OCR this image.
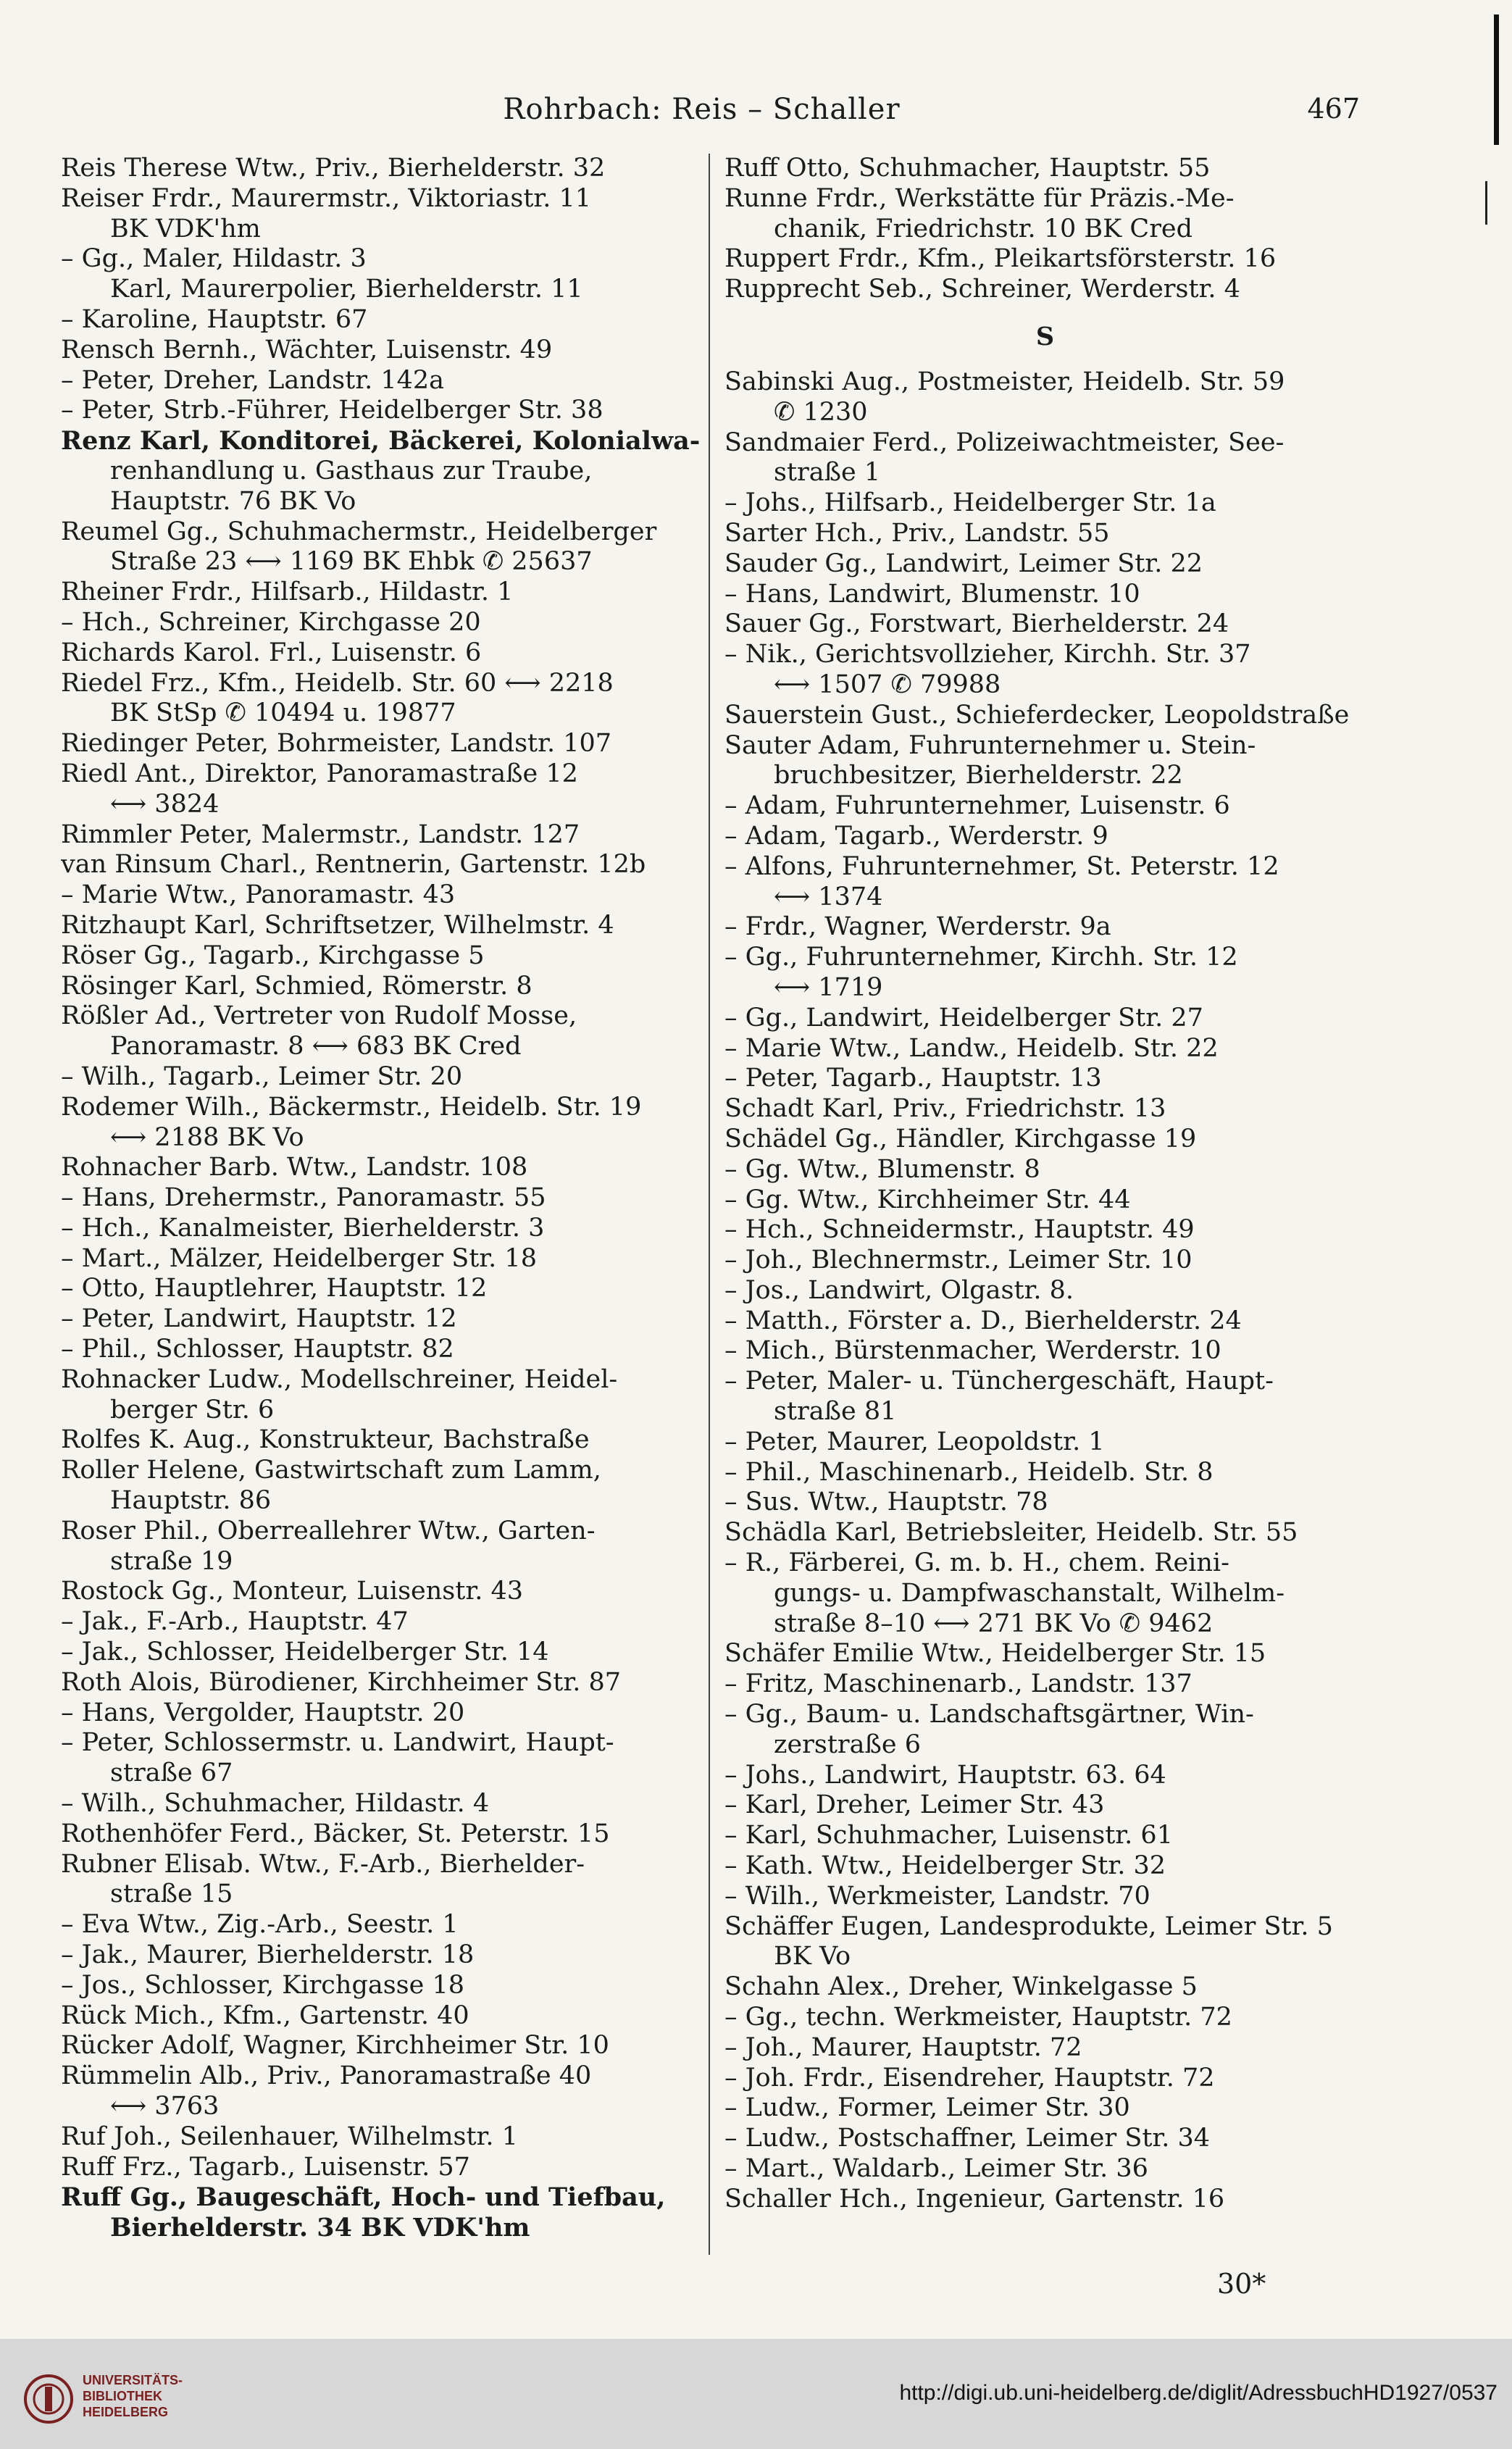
Rohrbach: Reis – Schaller	467

Reis Therese Wtw., Priv., Bierhelderstr. 32

Reiser Frdr., Maurermstr., Viktoriastr. 11

BK VDK'hm

– Gg., Maler, Hildastr. 3

Karl, Maurerpolier, Bierhelderstr. 11

– Karoline, Hauptstr. 67

Rensch Bernh., Wächter, Luisenstr. 49

– Peter, Dreher, Landstr. 142a

– Peter, Strb.-Führer, Heidelberger Str. 38

Renz Karl, Konditorei, Bäckerei, Kolonialwa-

renhandlung u. Gasthaus zur Traube,

Hauptstr. 76 BK Vo

Reumel Gg., Schuhmachermstr., Heidelberger

Straße 23 ⟷ 1169 BK Ehbk ✆ 25637

Rheiner Frdr., Hilfsarb., Hildastr. 1

– Hch., Schreiner, Kirchgasse 20

Richards Karol. Frl., Luisenstr. 6

Riedel Frz., Kfm., Heidelb. Str. 60 ⟷ 2218

BK StSp ✆ 10494 u. 19877

Riedinger Peter, Bohrmeister, Landstr. 107

Riedl Ant., Direktor, Panoramastraße 12

⟷ 3824

Rimmler Peter, Malermstr., Landstr. 127

van Rinsum Charl., Rentnerin, Gartenstr. 12b

– Marie Wtw., Panoramastr. 43

Ritzhaupt Karl, Schriftsetzer, Wilhelmstr. 4

Röser Gg., Tagarb., Kirchgasse 5

Rösinger Karl, Schmied, Römerstr. 8

Rößler Ad., Vertreter von Rudolf Mosse,

Panoramastr. 8 ⟷ 683 BK Cred

– Wilh., Tagarb., Leimer Str. 20

Rodemer Wilh., Bäckermstr., Heidelb. Str. 19

⟷ 2188 BK Vo

Rohnacher Barb. Wtw., Landstr. 108

– Hans, Drehermstr., Panoramastr. 55

– Hch., Kanalmeister, Bierhelderstr. 3

– Mart., Mälzer, Heidelberger Str. 18

– Otto, Hauptlehrer, Hauptstr. 12

– Peter, Landwirt, Hauptstr. 12

– Phil., Schlosser, Hauptstr. 82

Rohnacker Ludw., Modellschreiner, Heidel-

berger Str. 6

Rolfes K. Aug., Konstrukteur, Bachstraße

Roller Helene, Gastwirtschaft zum Lamm,

Hauptstr. 86

Roser Phil., Oberreallehrer Wtw., Garten-

straße 19

Rostock Gg., Monteur, Luisenstr. 43

– Jak., F.-Arb., Hauptstr. 47

– Jak., Schlosser, Heidelberger Str. 14

Roth Alois, Bürodiener, Kirchheimer Str. 87

– Hans, Vergolder, Hauptstr. 20

– Peter, Schlossermstr. u. Landwirt, Haupt-

straße 67

– Wilh., Schuhmacher, Hildastr. 4

Rothenhöfer Ferd., Bäcker, St. Peterstr. 15

Rubner Elisab. Wtw., F.-Arb., Bierhelder-

straße 15

– Eva Wtw., Zig.-Arb., Seestr. 1

– Jak., Maurer, Bierhelderstr. 18

– Jos., Schlosser, Kirchgasse 18

Rück Mich., Kfm., Gartenstr. 40

Rücker Adolf, Wagner, Kirchheimer Str. 10

Rümmelin Alb., Priv., Panoramastraße 40

⟷ 3763

Ruf Joh., Seilenhauer, Wilhelmstr. 1

Ruff Frz., Tagarb., Luisenstr. 57

Ruff Gg., Baugeschäft, Hoch- und Tiefbau,

Bierhelderstr. 34 BK VDK'hm

Ruff Otto, Schuhmacher, Hauptstr. 55

Runne Frdr., Werkstätte für Präzis.-Me-

chanik, Friedrichstr. 10 BK Cred

Ruppert Frdr., Kfm., Pleikartsförsterstr. 16

Rupprecht Seb., Schreiner, Werderstr. 4

S

Sabinski Aug., Postmeister, Heidelb. Str. 59

✆ 1230

Sandmaier Ferd., Polizeiwachtmeister, See-

straße 1

– Johs., Hilfsarb., Heidelberger Str. 1a

Sarter Hch., Priv., Landstr. 55

Sauder Gg., Landwirt, Leimer Str. 22

– Hans, Landwirt, Blumenstr. 10

Sauer Gg., Forstwart, Bierhelderstr. 24

– Nik., Gerichtsvollzieher, Kirchh. Str. 37

⟷ 1507 ✆ 79988

Sauerstein Gust., Schieferdecker, Leopoldstraße

Sauter Adam, Fuhrunternehmer u. Stein-

bruchbesitzer, Bierhelderstr. 22

– Adam, Fuhrunternehmer, Luisenstr. 6

– Adam, Tagarb., Werderstr. 9

– Alfons, Fuhrunternehmer, St. Peterstr. 12

⟷ 1374

– Frdr., Wagner, Werderstr. 9a

– Gg., Fuhrunternehmer, Kirchh. Str. 12

⟷ 1719

– Gg., Landwirt, Heidelberger Str. 27

– Marie Wtw., Landw., Heidelb. Str. 22

– Peter, Tagarb., Hauptstr. 13

Schadt Karl, Priv., Friedrichstr. 13

Schädel Gg., Händler, Kirchgasse 19

– Gg. Wtw., Blumenstr. 8

– Gg. Wtw., Kirchheimer Str. 44

– Hch., Schneidermstr., Hauptstr. 49

– Joh., Blechnermstr., Leimer Str. 10

– Jos., Landwirt, Olgastr. 8.

– Matth., Förster a. D., Bierhelderstr. 24

– Mich., Bürstenmacher, Werderstr. 10

– Peter, Maler- u. Tünchergeschäft, Haupt-

straße 81

– Peter, Maurer, Leopoldstr. 1

– Phil., Maschinenarb., Heidelb. Str. 8

– Sus. Wtw., Hauptstr. 78

Schädla Karl, Betriebsleiter, Heidelb. Str. 55

– R., Färberei, G. m. b. H., chem. Reini-

gungs- u. Dampfwaschanstalt, Wilhelm-

straße 8–10 ⟷ 271 BK Vo ✆ 9462

Schäfer Emilie Wtw., Heidelberger Str. 15

– Fritz, Maschinenarb., Landstr. 137

– Gg., Baum- u. Landschaftsgärtner, Win-

zerstraße 6

– Johs., Landwirt, Hauptstr. 63. 64

– Karl, Dreher, Leimer Str. 43

– Karl, Schuhmacher, Luisenstr. 61

– Kath. Wtw., Heidelberger Str. 32

– Wilh., Werkmeister, Landstr. 70

Schäffer Eugen, Landesprodukte, Leimer Str. 5

BK Vo

Schahn Alex., Dreher, Winkelgasse 5

– Gg., techn. Werkmeister, Hauptstr. 72

– Joh., Maurer, Hauptstr. 72

– Joh. Frdr., Eisendreher, Hauptstr. 72

– Ludw., Former, Leimer Str. 30

– Ludw., Postschaffner, Leimer Str. 34

– Mart., Waldarb., Leimer Str. 36

Schaller Hch., Ingenieur, Gartenstr. 16

30*
UNIVERSITÄTS-
BIBLIOTHEK
HEIDELBERG
http://digi.ub.uni-heidelberg.de/diglit/AdressbuchHD1927/0537
